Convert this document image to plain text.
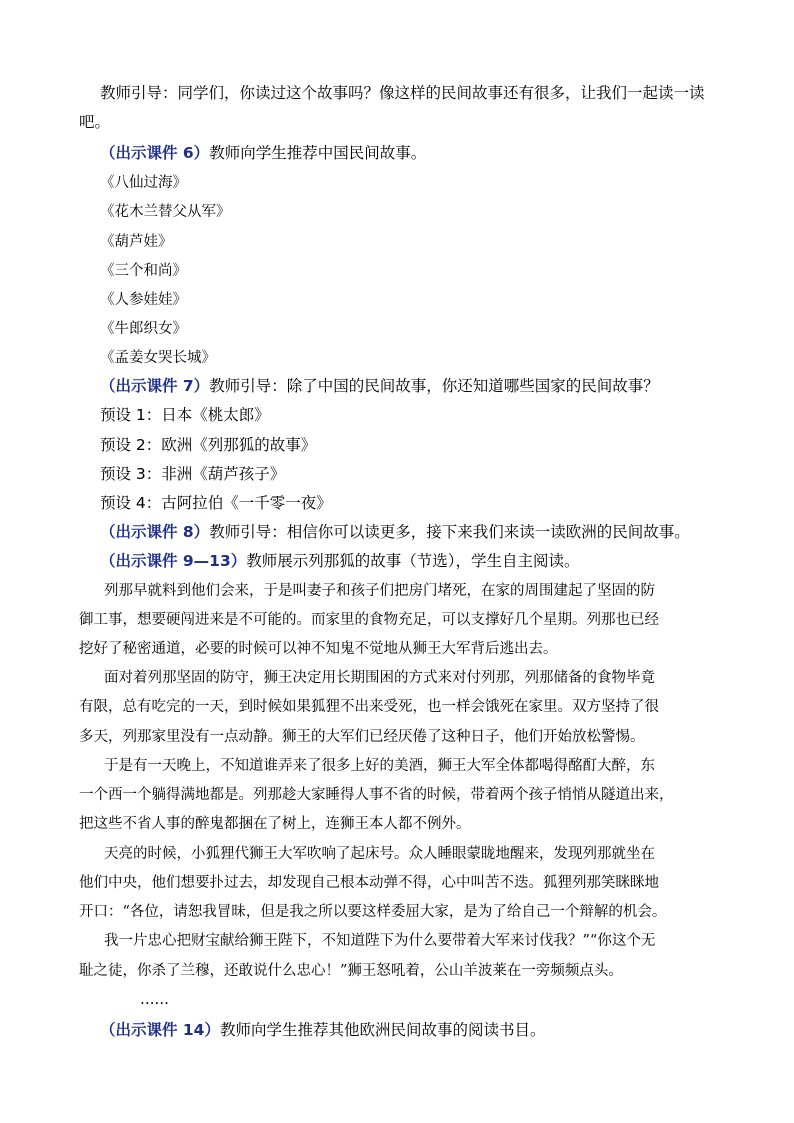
教师引导：同学们，你读过这个故事吗？像这样的民间故事还有很多，让我们一起读一读
吧。
（出示课件 6）教师向学生推荐中国民间故事。
《八仙过海》
《花木兰替父从军》
《葫芦娃》
《三个和尚》
《人参娃娃》
《牛郎织女》
《孟姜女哭长城》
（出示课件 7）教师引导：除了中国的民间故事，你还知道哪些国家的民间故事？
预设 1：日本《桃太郎》
预设 2：欧洲《列那狐的故事》
预设 3：非洲《葫芦孩子》
预设 4：古阿拉伯《一千零一夜》
（出示课件 8）教师引导：相信你可以读更多，接下来我们来读一读欧洲的民间故事。
（出示课件 9—13）教师展示列那狐的故事（节选），学生自主阅读。
列那早就料到他们会来，于是叫妻子和孩子们把房门堵死，在家的周围建起了坚固的防
御工事，想要硬闯进来是不可能的。而家里的食物充足，可以支撑好几个星期。列那也已经
挖好了秘密通道，必要的时候可以神不知鬼不觉地从狮王大军背后逃出去。
面对着列那坚固的防守，狮王决定用长期围困的方式来对付列那，列那储备的食物毕竟
有限，总有吃完的一天，到时候如果狐狸不出来受死，也一样会饿死在家里。双方坚持了很
多天，列那家里没有一点动静。狮王的大军们已经厌倦了这种日子，他们开始放松警惕。
于是有一天晚上，不知道谁弄来了很多上好的美酒，狮王大军全体都喝得酩酊大醉，东
一个西一个躺得满地都是。列那趁大家睡得人事不省的时候，带着两个孩子悄悄从隧道出来，
把这些不省人事的醉鬼都捆在了树上，连狮王本人都不例外。
天亮的时候，小狐狸代狮王大军吹响了起床号。众人睡眼蒙眬地醒来，发现列那就坐在
他们中央，他们想要扑过去，却发现自己根本动弹不得，心中叫苦不迭。狐狸列那笑眯眯地
开口：“各位，请恕我冒昧，但是我之所以要这样委屈大家，是为了给自己一个辩解的机会。
我一片忠心把财宝献给狮王陛下，不知道陛下为什么要带着大军来讨伐我？”“你这个无
耻之徒，你杀了兰穆，还敢说什么忠心！”狮王怒吼着，公山羊波莱在一旁频频点头。
……
（出示课件 14）教师向学生推荐其他欧洲民间故事的阅读书目。
